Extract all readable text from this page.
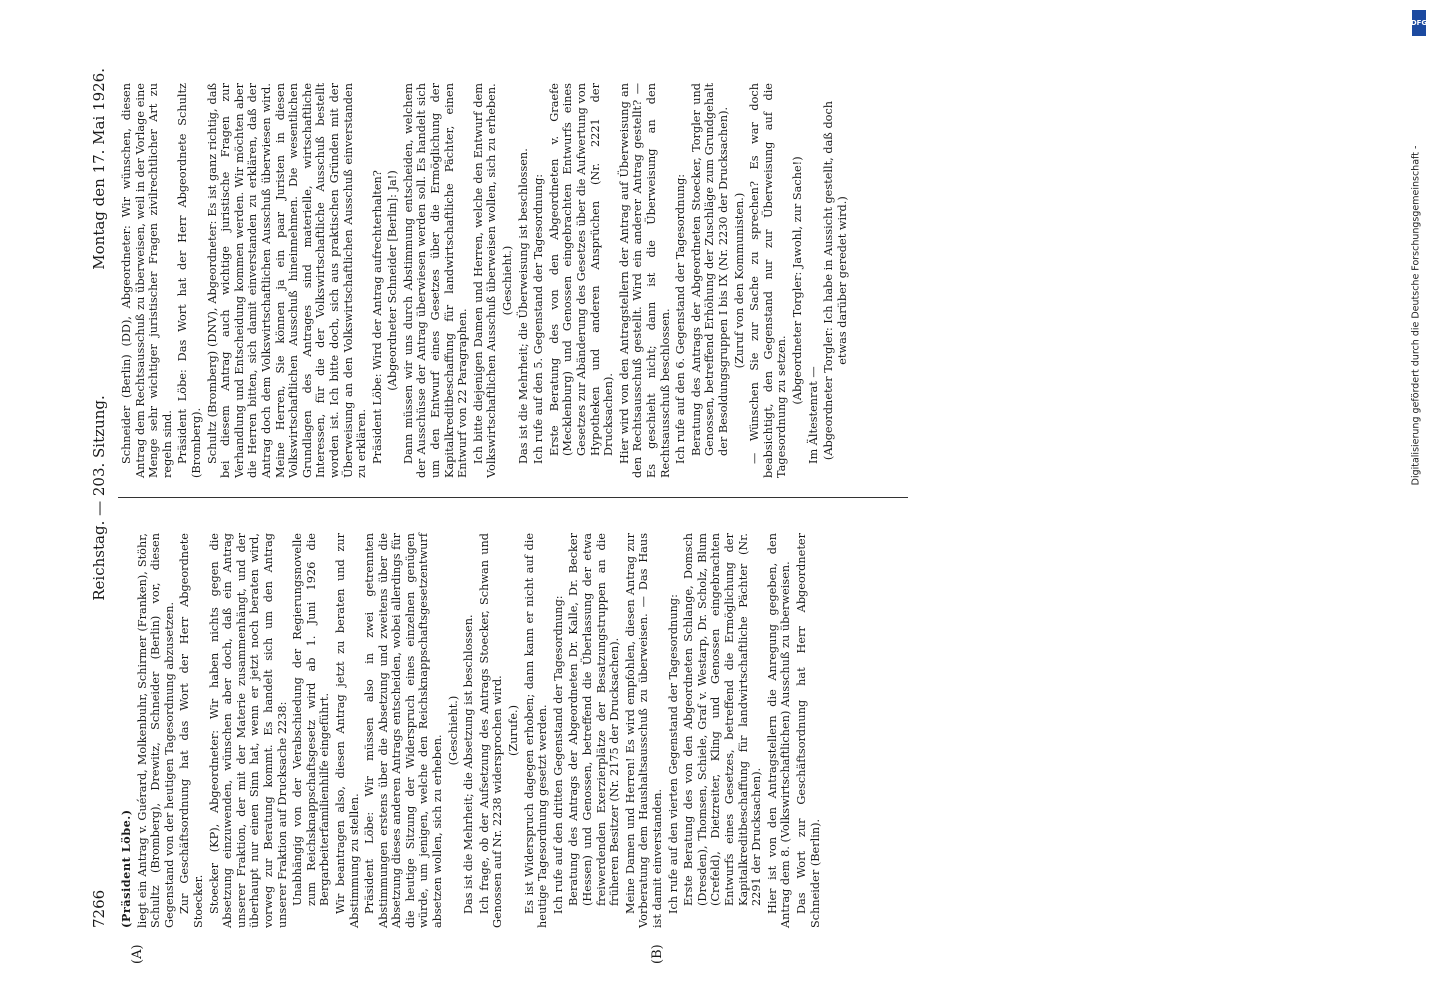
7266
Reichstag. — 203. Sitzung.
Montag den 17. Mai 1926.
(A)	(B)

(Präsident Löbe.) liegt ein Antrag v. Guérard, Molkenbuhr, Schirmer (Franken), Stöhr, Schultz (Bromberg), Drewitz, Schneider (Berlin) vor, diesen Gegenstand von der heutigen Tagesordnung abzusetzen. Zur Geschäftsordnung hat das Wort der Herr Abgeordnete Stoecker. Stoecker (KP), Abgeordneter: Wir haben nichts gegen die Absetzung einzuwenden, wünschen aber doch, daß ein Antrag unserer Fraktion, der mit der Materie zusammenhängt, und der überhaupt nur einen Sinn hat, wenn er jetzt noch beraten wird, vorweg zur Beratung kommt. Es handelt sich um den Antrag unserer Fraktion auf Drucksache 2238: Unabhängig von der Verabschiedung der Regierungsnovelle zum Reichsknappschaftsgesetz wird ab 1. Juni 1926 die Bergarbeiterfamilienhilfe eingeführt. Wir beantragen also, diesen Antrag jetzt zu beraten und zur Abstimmung zu stellen. Präsident Löbe: Wir müssen also in zwei getrennten Abstimmungen erstens über die Absetzung und zweitens über die Absetzung dieses anderen Antrags entscheiden, wobei allerdings für die heutige Sitzung der Widerspruch eines einzelnen genügen würde, um jenigen, welche den Reichsknappschaftsgesetzentwurf absetzen wollen, sich zu erheben.

(Geschieht.) Das ist die Mehrheit; die Absetzung ist beschlossen. Ich frage, ob der Aufsetzung des Antrags Stoecker, Schwan und Genossen auf Nr. 2238 widersprochen wird. (Zurufe.) Es ist Widerspruch dagegen erhoben; dann kann er nicht auf die heutige Tagesordnung gesetzt werden. Ich rufe auf den dritten Gegenstand der Tagesordnung: Beratung des Antrags der Abgeordneten Dr. Kalle, Dr. Becker (Hessen) und Genossen, betreffend die Überlassung der etwa freiwerdenden Exerzierplätze der Besatzungstruppen an die früheren Besitzer (Nr. 2175 der Drucksachen). Meine Damen und Herren! Es wird empfohlen, diesen Antrag zur Vorberatung dem Haushaltsausschuß zu überweisen. — Das Haus ist damit einverstanden. Ich rufe auf den vierten Gegenstand der Tagesordnung: Erste Beratung des von den Abgeordneten Schlange, Domsch (Dresden), Thomsen, Schiele, Graf v. Westarp, Dr. Scholz, Blum (Crefeld), Dietzreiter, Kling und Genossen eingebrachten Entwurfs eines Gesetzes, betreffend die Ermöglichung der Kapitalkreditbeschaffung für landwirtschaftliche Pächter (Nr. 2291 der Drucksachen). Hier ist von den Antragstellern die Anregung gegeben, den Antrag dem 8. (Volkswirtschaftlichen) Ausschuß zu überweisen. Das Wort zur Geschäftsordnung hat Herr Abgeordneter Schneider (Berlin).

Schneider (Berlin) (DD), Abgeordneter: Wir wünschen, diesen Antrag dem Rechtsausschuß zu überweisen, weil in der Vorlage eine Menge sehr wichtiger juristischer Fragen zivilrechtlicher Art zu regeln sind. Präsident Löbe: Das Wort hat der Herr Abgeordnete Schultz (Bromberg). Schultz (Bromberg) (DNV), Abgeordneter: Es ist ganz richtig, daß bei diesem Antrag auch wichtige juristische Fragen zur Verhandlung und Entscheidung kommen werden. Wir möchten aber die Herren bitten, sich damit einverstanden zu erklären, daß der Antrag doch dem Volkswirtschaftlichen Ausschuß überwiesen wird. Meine Herren, Sie können ja ein paar Juristen in diesen Volkswirtschaftlichen Ausschuß hineinnehmen. Die wesentlichen Grundlagen des Antrages sind materielle, wirtschaftliche Interessen, für die der Volkswirtschaftliche Ausschuß bestellt worden ist. Ich bitte doch, sich aus praktischen Gründen mit der Überweisung an den Volkswirtschaftlichen Ausschuß einverstanden zu erklären. Präsident Löbe: Wird der Antrag aufrechterhalten? (Abgeordneter Schneider [Berlin]: Ja!) Dann müssen wir uns durch Abstimmung entscheiden, welchem der Ausschüsse der Antrag überwiesen werden soll. Es handelt sich um den Entwurf eines Gesetzes über die Ermöglichung der Kapitalkreditbeschaffung für landwirtschaftliche Pächter, einen Entwurf von 22 Paragraphen. Ich bitte diejenigen Damen und Herren, welche den Entwurf dem Volkswirtschaftlichen Ausschuß überweisen wollen, sich zu erheben. (Geschieht.) Das ist die Mehrheit; die Überweisung ist beschlossen. Ich rufe auf den 5. Gegenstand der Tagesordnung: Erste Beratung des von den Abgeordneten v. Graefe (Mecklenburg) und Genossen eingebrachten Entwurfs eines Gesetzes zur Abänderung des Gesetzes über die Aufwertung von Hypotheken und anderen Ansprüchen (Nr. 2221 der Drucksachen). Hier wird von den Antragstellern der Antrag auf Überweisung an den Rechtsausschuß gestellt. Wird ein anderer Antrag gestellt? — Es geschieht nicht; dann ist die Überweisung an den Rechtsausschuß beschlossen. Ich rufe auf den 6. Gegenstand der Tagesordnung: Beratung des Antrags der Abgeordneten Stoecker, Torgler und Genossen, betreffend Erhöhung der Zuschläge zum Grundgehalt der Besoldungsgruppen I bis IX (Nr. 2230 der Drucksachen). (Zuruf von den Kommunisten.) — Wünschen Sie zur Sache zu sprechen? Es war doch beabsichtigt, den Gegenstand nur zur Überweisung auf die Tagesordnung zu setzen.

(Abgeordneter Torgler: Jawohl, zur Sache!)

Im Ältestenrat — (Abgeordneter Torgler: Ich habe in Aussicht gestellt, daß doch etwas darüber geredet wird.)

DFG
Digitalisierung gefördert durch die Deutsche Forschungsgemeinschaft -
